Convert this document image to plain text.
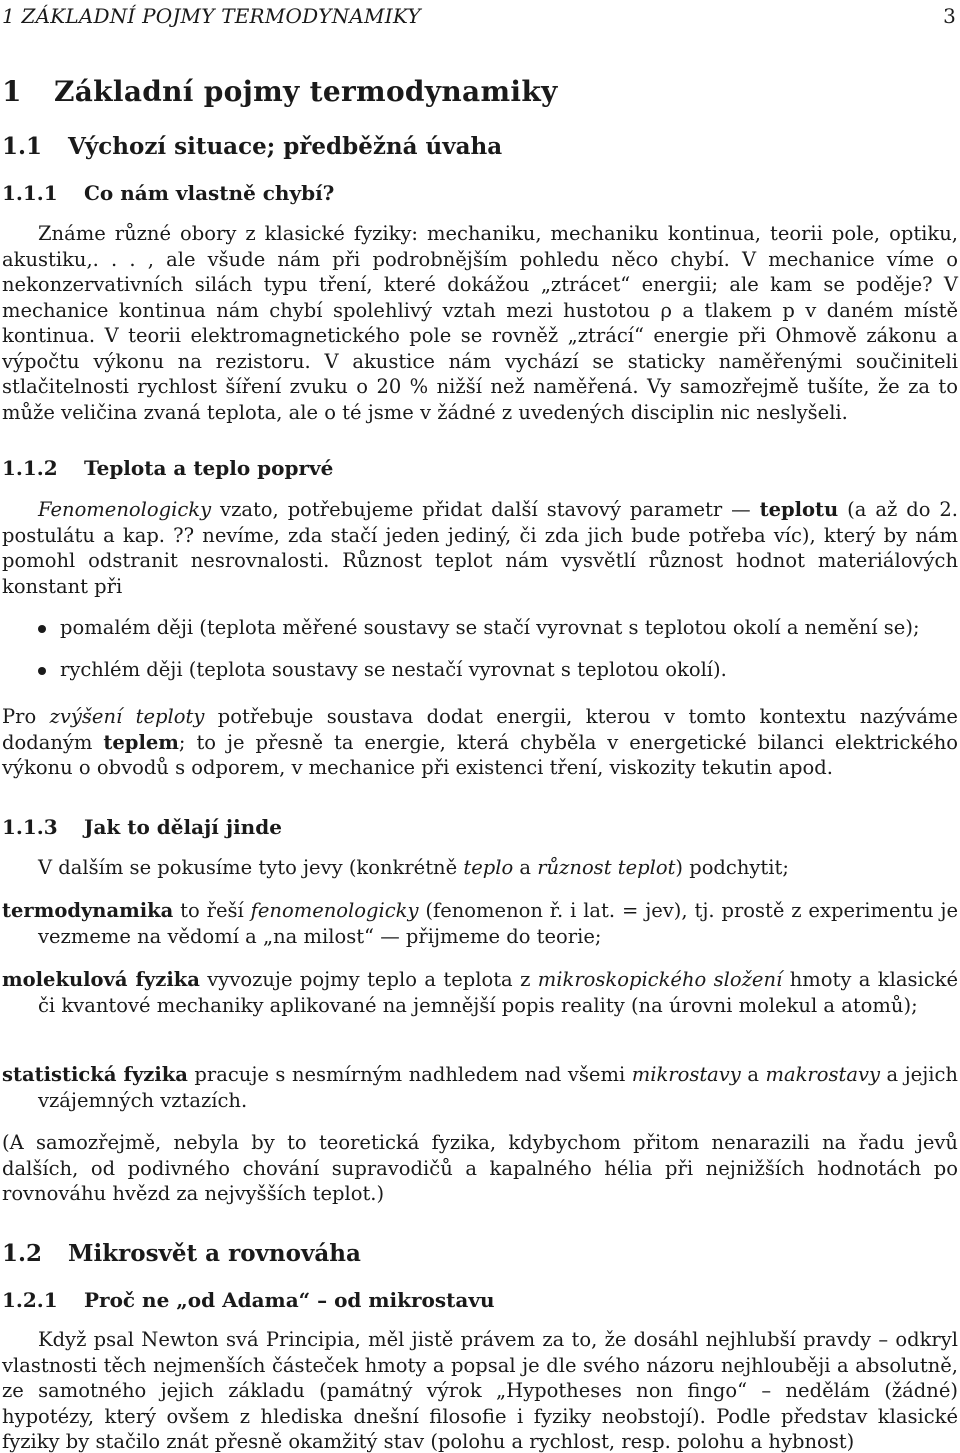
1 ZÁKLADNÍ POJMY TERMODYNAMIKY	3
1 Základní pojmy termodynamiky
1.1 Výchozí situace; předběžná úvaha
1.1.1 Co nám vlastně chybí?

Známe různé obory z klasické fyziky: mechaniku, mechaniku kontinua, teorii pole, optiku, akustiku,. . . , ale všude nám při podrobnějším pohledu něco chybí. V mechanice víme o nekonzervativních silách typu tření, které dokážou „ztrácet“ energii; ale kam se poděje? V mechanice kontinua nám chybí spolehlivý vztah mezi hustotou ρ a tlakem p v daném místě kontinua. V teorii elektromagnetického pole se rovněž „ztrácí“ energie při Ohmově zákonu a výpočtu výkonu na rezistoru. V akustice nám vychází se staticky naměřenými součiniteli stlačitelnosti rychlost šíření zvuku o 20 % nižší než naměřená. Vy samozřejmě tušíte, že za to může veličina zvaná teplota, ale o té jsme v žádné z uvedených disciplin nic neslyšeli.

1.1.2 Teplota a teplo poprvé

Fenomenologicky vzato, potřebujeme přidat další stavový parametr — teplotu (a až do 2. postulátu a kap. ?? nevíme, zda stačí jeden jediný, či zda jich bude potřeba víc), který by nám pomohl odstranit nesrovnalosti. Různost teplot nám vysvětlí různost hodnot materiálových konstant při

pomalém ději (teplota měřené soustavy se stačí vyrovnat s teplotou okolí a nemění se);
rychlém ději (teplota soustavy se nestačí vyrovnat s teplotou okolí).

Pro zvýšení teploty potřebuje soustava dodat energii, kterou v tomto kontextu nazýváme dodaným teplem; to je přesně ta energie, která chyběla v energetické bilanci elektrického výkonu o obvodů s odporem, v mechanice při existenci tření, viskozity tekutin apod.

1.1.3 Jak to dělají jinde

V dalším se pokusíme tyto jevy (konkrétně teplo a různost teplot) podchytit;

termodynamika to řeší fenomenologicky (fenomenon ř. i lat. = jev), tj. prostě z experimentu je vezmeme na vědomí a „na milost“ — přijmeme do teorie;
molekulová fyzika vyvozuje pojmy teplo a teplota z mikroskopického složení hmoty a klasické či kvantové mechaniky aplikované na jemnější popis reality (na úrovni molekul a atomů);
statistická fyzika pracuje s nesmírným nadhledem nad všemi mikrostavy a makrostavy a jejich vzájemných vztazích.

(A samozřejmě, nebyla by to teoretická fyzika, kdybychom přitom nenarazili na řadu jevů dalších, od podivného chování supravodičů a kapalného hélia při nejnižších hodnotách po rovnováhu hvězd za nejvyšších teplot.)

1.2 Mikrosvět a rovnováha
1.2.1 Proč ne „od Adama“ – od mikrostavu

Když psal Newton svá Principia, měl jistě právem za to, že dosáhl nejhlubší pravdy – odkryl vlastnosti těch nejmenších částeček hmoty a popsal je dle svého názoru nejhlouběji a absolutně, ze samotného jejich základu (památný výrok „Hypotheses non fingo“ – nedělám (žádné) hypotézy, který ovšem z hlediska dnešní filosofie i fyziky neobstojí). Podle představ klasické fyziky by stačilo znát přesně okamžitý stav (polohu a rychlost, resp. polohu a hybnost)
